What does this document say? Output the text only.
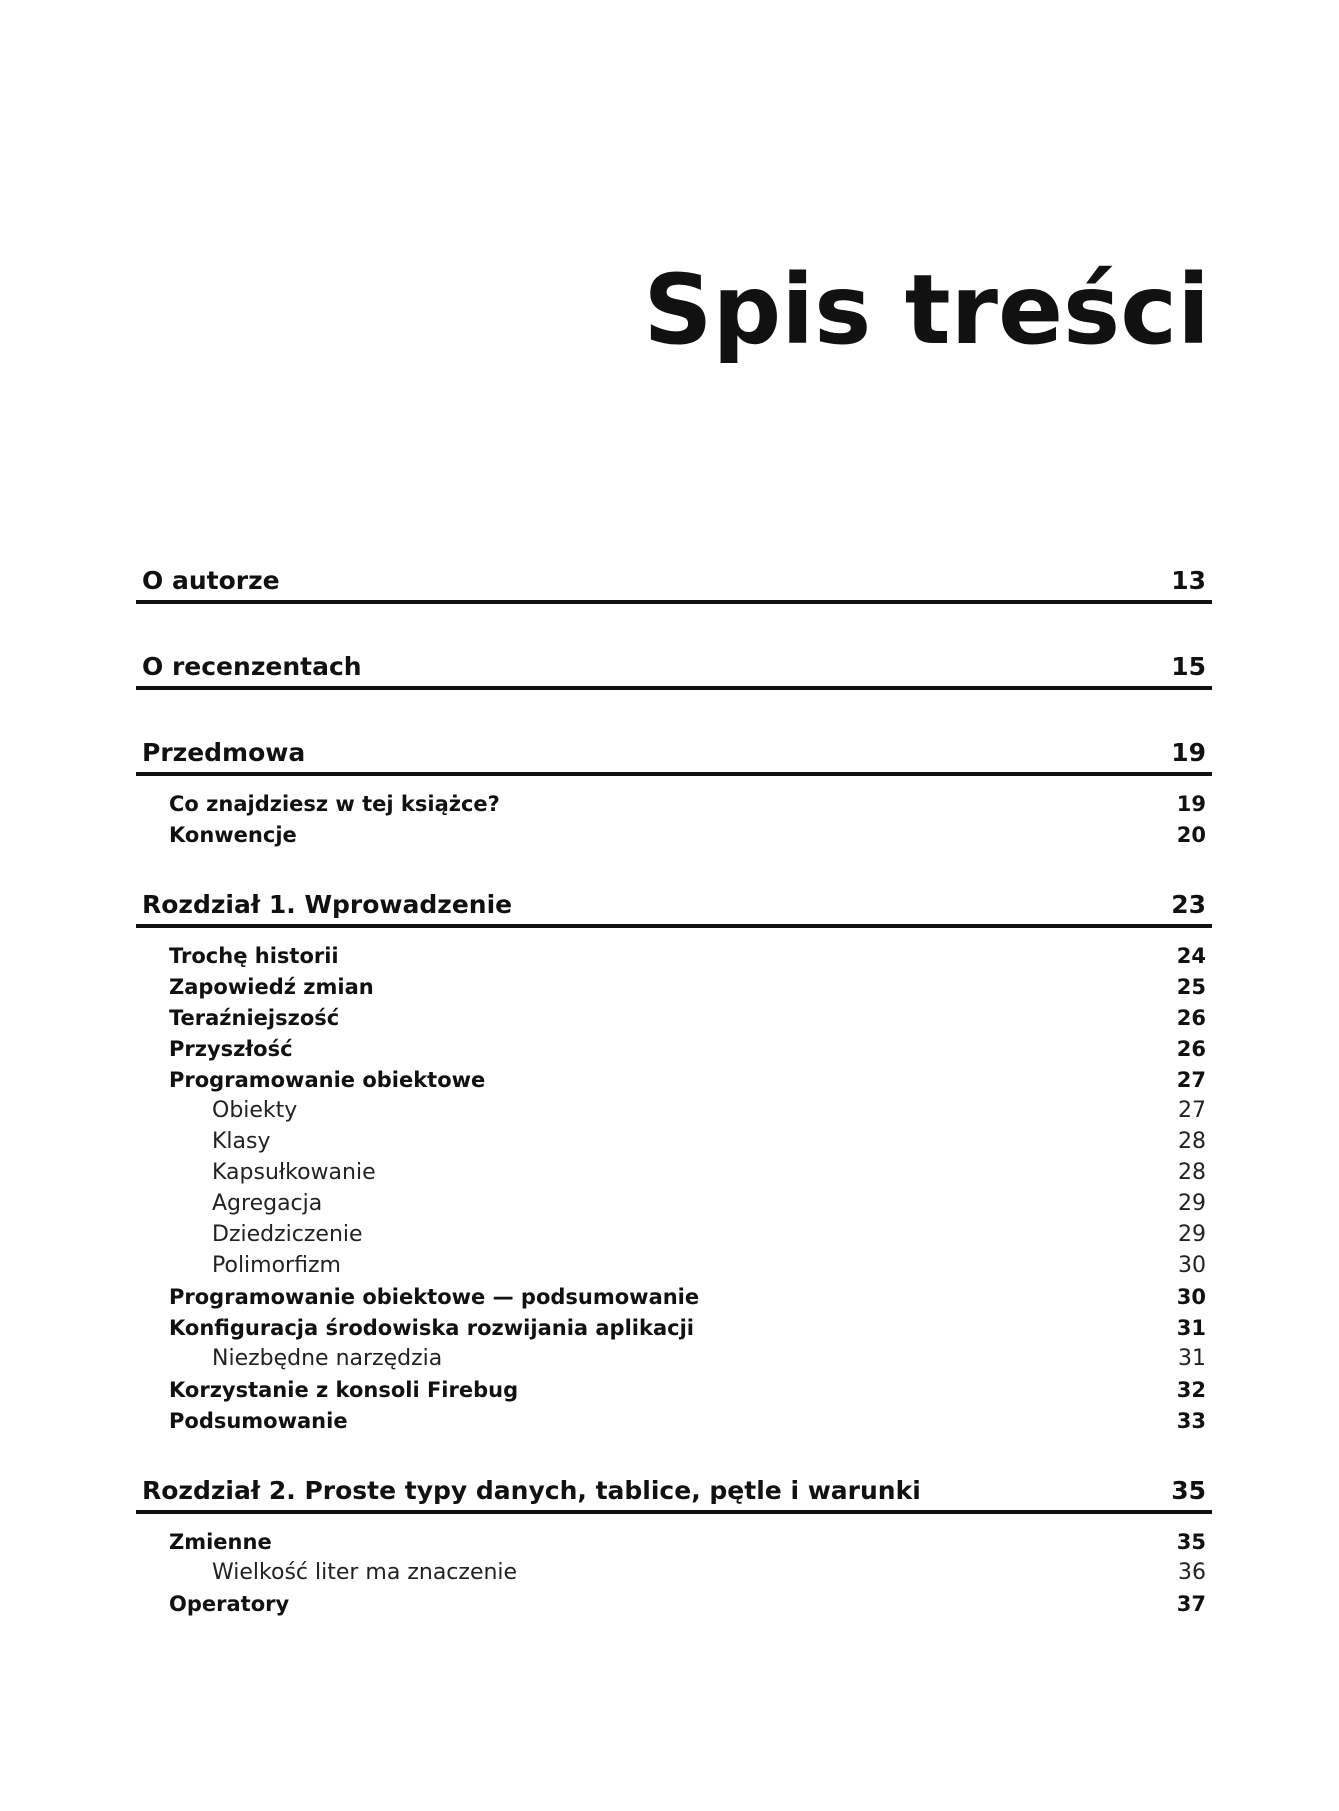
Spis treści
O autorze	13
O recenzentach	15
Przedmowa	19
Co znajdziesz w tej książce?	19
Konwencje	20
Rozdział 1. Wprowadzenie	23
Trochę historii	24
Zapowiedź zmian	25
Teraźniejszość	26
Przyszłość	26
Programowanie obiektowe	27
Obiekty	27
Klasy	28
Kapsułkowanie	28
Agregacja	29
Dziedziczenie	29
Polimorfizm	30
Programowanie obiektowe — podsumowanie	30
Konfiguracja środowiska rozwijania aplikacji	31
Niezbędne narzędzia	31
Korzystanie z konsoli Firebug	32
Podsumowanie	33
Rozdział 2. Proste typy danych, tablice, pętle i warunki	35
Zmienne	35
Wielkość liter ma znaczenie	36
Operatory	37
